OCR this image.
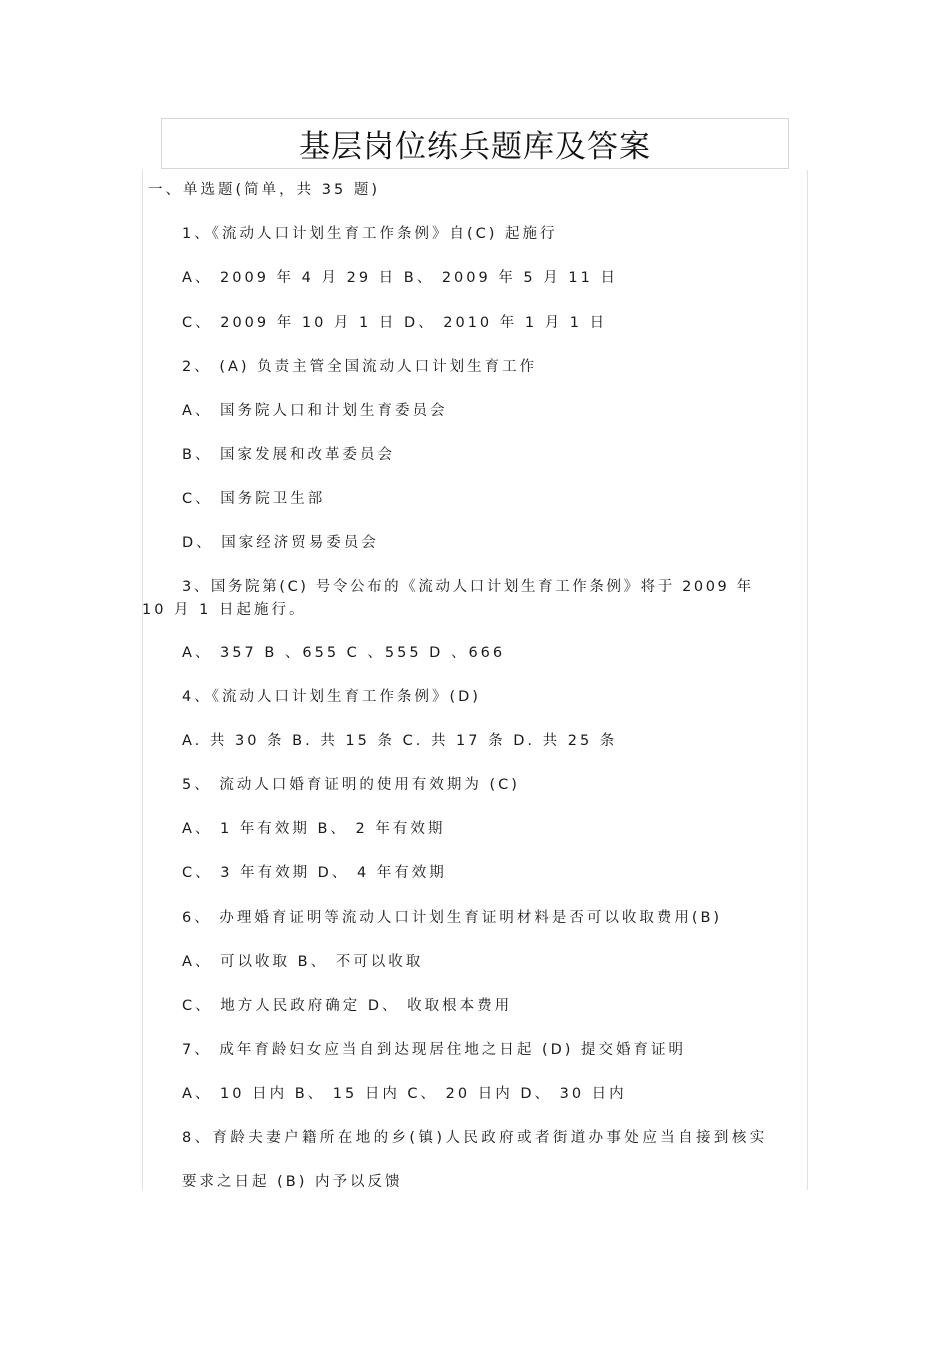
基层岗位练兵题库及答案
一、单选题(简单，共 35 题)
1、《流动人口计划生育工作条例》自(C) 起施行
A、 2009 年 4 月 29 日 B、 2009 年 5 月 11 日
C、 2009 年 10 月 1 日 D、 2010 年 1 月 1 日
2、 (A) 负责主管全国流动人口计划生育工作
A、 国务院人口和计划生育委员会
B、 国家发展和改革委员会
C、 国务院卫生部
D、 国家经济贸易委员会
3、国务院第(C) 号令公布的《流动人口计划生育工作条例》将于 2009 年
10 月 1 日起施行。
A、 357 B 、655 C 、555 D 、666
4、《流动人口计划生育工作条例》(D)
A. 共 30 条 B. 共 15 条 C. 共 17 条 D. 共 25 条
5、 流动人口婚育证明的使用有效期为 (C)
A、 1 年有效期 B、 2 年有效期
C、 3 年有效期 D、 4 年有效期
6、 办理婚育证明等流动人口计划生育证明材料是否可以收取费用(B)
A、 可以收取 B、 不可以收取
C、 地方人民政府确定 D、 收取根本费用
7、 成年育龄妇女应当自到达现居住地之日起 (D) 提交婚育证明
A、 10 日内 B、 15 日内 C、 20 日内 D、 30 日内
8、育龄夫妻户籍所在地的乡(镇)人民政府或者街道办事处应当自接到核实
要求之日起 (B) 内予以反馈
